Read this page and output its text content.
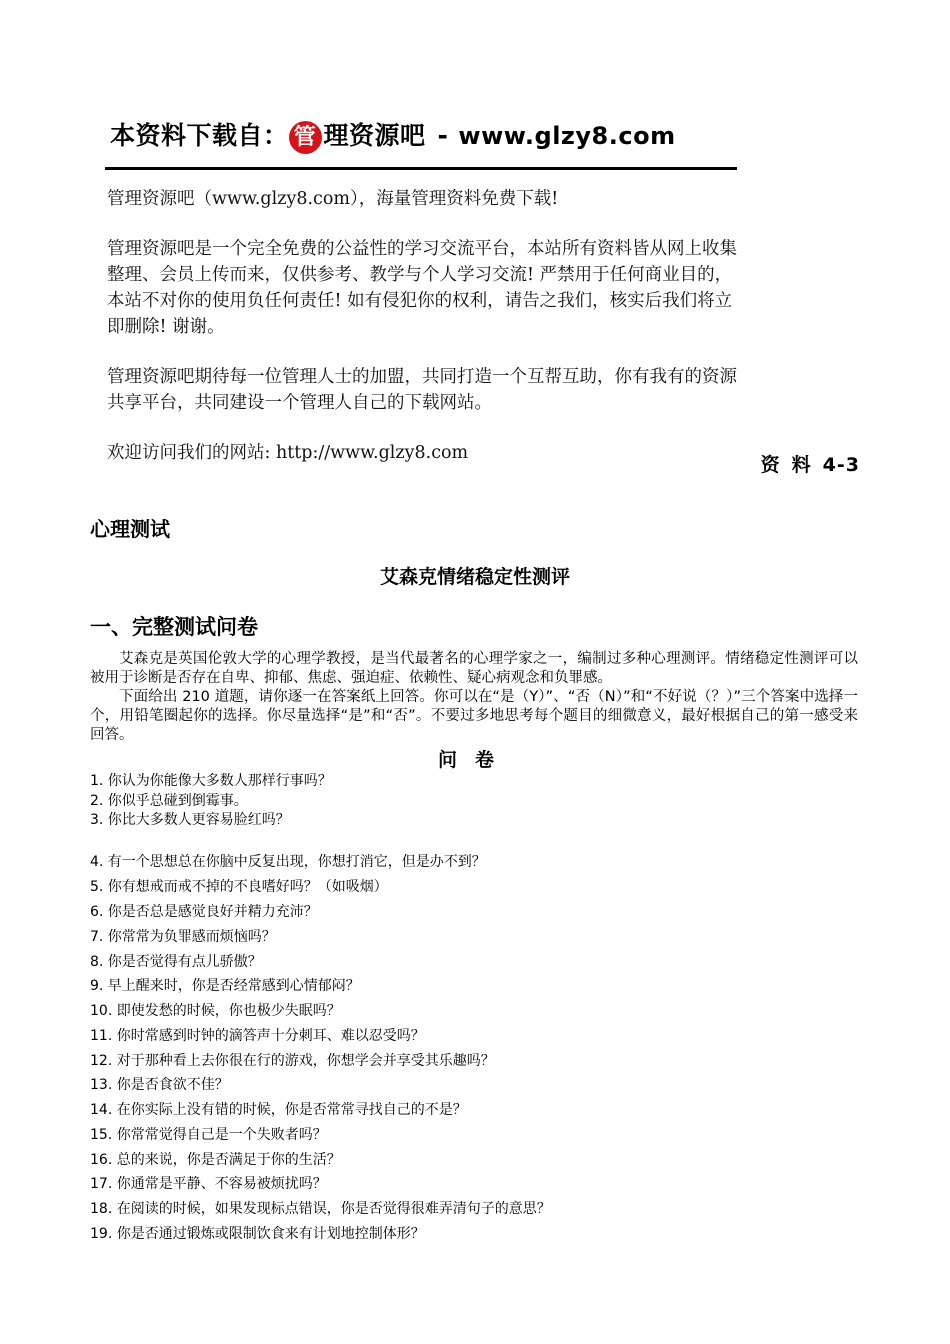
本资料下载自： 管 理资源吧 - www.glzy8.com

管理资源吧（www.glzy8.com），海量管理资料免费下载!

管理资源吧是一个完全免费的公益性的学习交流平台，本站所有资料皆从网上收集整理、会员上传而来，仅供参考、教学与个人学习交流! 严禁用于任何商业目的，本站不对你的使用负任何责任! 如有侵犯你的权利，请告之我们，核实后我们将立即删除! 谢谢。

管理资源吧期待每一位管理人士的加盟，共同打造一个互帮互助，你有我有的资源共享平台，共同建设一个管理人自己的下载网站。

欢迎访问我们的网站: http://www.glzy8.com

资料4-3
心理测试
艾森克情绪稳定性测评
一、完整测试问卷

艾森克是英国伦敦大学的心理学教授，是当代最著名的心理学家之一，编制过多种心理测评。情绪稳定性测评可以被用于诊断是否存在自卑、抑郁、焦虑、强迫症、依赖性、疑心病观念和负罪感。

下面给出 210 道题，请你逐一在答案纸上回答。你可以在“是（Y）”、“否（N）”和“不好说（？）”三个答案中选择一个，用铅笔圈起你的选择。你尽量选择“是”和“否”。不要过多地思考每个题目的细微意义，最好根据自己的第一感受来回答。

问卷
1. 你认为你能像大多数人那样行事吗？
2. 你似乎总碰到倒霉事。
3. 你比大多数人更容易脸红吗？
4. 有一个思想总在你脑中反复出现，你想打消它，但是办不到？
5. 你有想戒而戒不掉的不良嗜好吗？（如吸烟）
6. 你是否总是感觉良好并精力充沛？
7. 你常常为负罪感而烦恼吗？
8. 你是否觉得有点儿骄傲？
9. 早上醒来时，你是否经常感到心情郁闷？
10. 即使发愁的时候，你也极少失眠吗？
11. 你时常感到时钟的滴答声十分刺耳、难以忍受吗？
12. 对于那种看上去你很在行的游戏，你想学会并享受其乐趣吗？
13. 你是否食欲不佳？
14. 在你实际上没有错的时候，你是否常常寻找自己的不是？
15. 你常常觉得自己是一个失败者吗？
16. 总的来说，你是否满足于你的生活？
17. 你通常是平静、不容易被烦扰吗？
18. 在阅读的时候，如果发现标点错误，你是否觉得很难弄清句子的意思？
19. 你是否通过锻炼或限制饮食来有计划地控制体形？
